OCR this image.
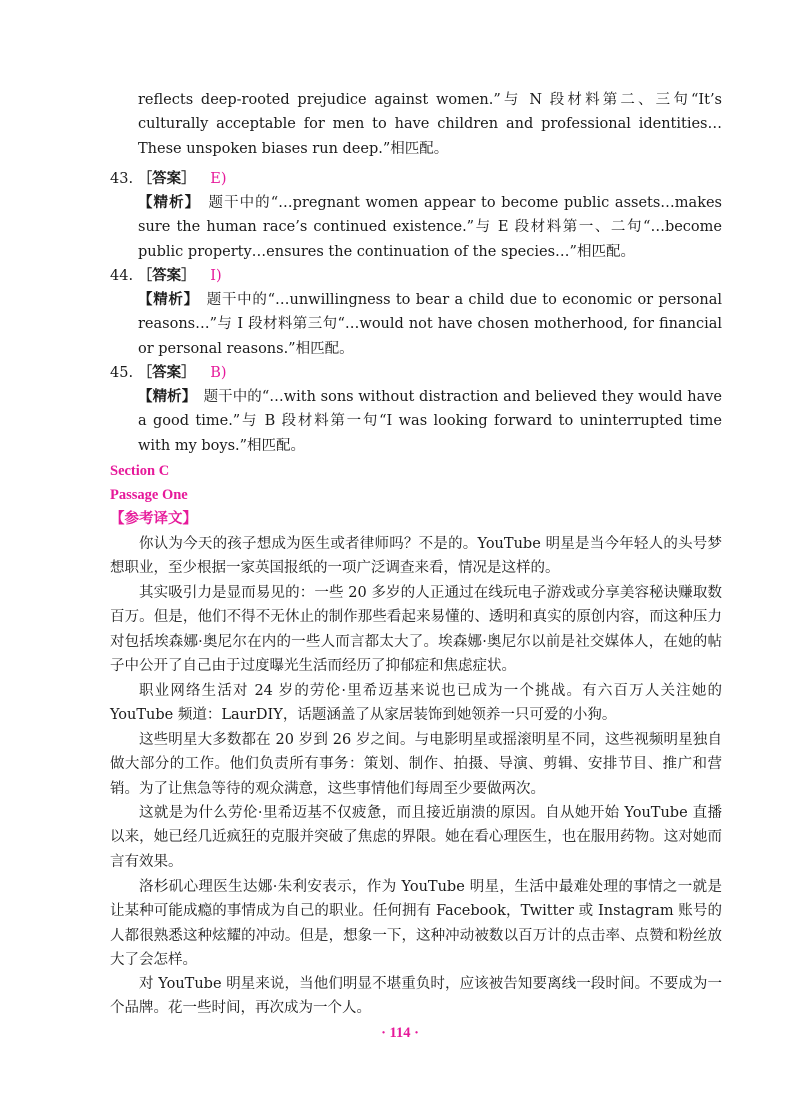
reflects deep-rooted prejudice against women.”与 N 段材料第二、三句“It’s culturally acceptable for men to have children and professional identities…These unspoken biases run deep.”相匹配。

43. ［答案］ E)

【精析】  题干中的“…pregnant women appear to become public assets…makes sure the human race’s continued existence.”与 E 段材料第一、二句“…become public property…ensures the continuation of the species…”相匹配。

44. ［答案］ I)

【精析】  题干中的“…unwillingness to bear a child due to economic or personal reasons…”与 I 段材料第三句“…would not have chosen motherhood, for financial or personal reasons.”相匹配。

45. ［答案］ B)

【精析】  题干中的“…with sons without distraction and believed they would have a good time.”与 B 段材料第一句“I was looking forward to uninterrupted time with my boys.”相匹配。

Section C
Passage One
【参考译文】

你认为今天的孩子想成为医生或者律师吗？不是的。YouTube 明星是当今年轻人的头号梦想职业，至少根据一家英国报纸的一项广泛调查来看，情况是这样的。

其实吸引力是显而易见的：一些 20 多岁的人正通过在线玩电子游戏或分享美容秘诀赚取数百万。但是，他们不得不无休止的制作那些看起来易懂的、透明和真实的原创内容，而这种压力对包括埃森娜·奥尼尔在内的一些人而言都太大了。埃森娜·奥尼尔以前是社交媒体人，在她的帖子中公开了自己由于过度曝光生活而经历了抑郁症和焦虑症状。

职业网络生活对 24 岁的劳伦·里希迈基来说也已成为一个挑战。有六百万人关注她的 YouTube 频道：LaurDIY，话题涵盖了从家居装饰到她领养一只可爱的小狗。

这些明星大多数都在 20 岁到 26 岁之间。与电影明星或摇滚明星不同，这些视频明星独自做大部分的工作。他们负责所有事务：策划、制作、拍摄、导演、剪辑、安排节目、推广和营销。为了让焦急等待的观众满意，这些事情他们每周至少要做两次。

这就是为什么劳伦·里希迈基不仅疲惫，而且接近崩溃的原因。自从她开始 YouTube 直播以来，她已经几近疯狂的克服并突破了焦虑的界限。她在看心理医生，也在服用药物。这对她而言有效果。

洛杉矶心理医生达娜·朱利安表示，作为 YouTube 明星，生活中最难处理的事情之一就是让某种可能成瘾的事情成为自己的职业。任何拥有 Facebook，Twitter 或 Instagram 账号的人都很熟悉这种炫耀的冲动。但是，想象一下，这种冲动被数以百万计的点击率、点赞和粉丝放大了会怎样。

对 YouTube 明星来说，当他们明显不堪重负时，应该被告知要离线一段时间。不要成为一个品牌。花一些时间，再次成为一个人。

· 114 ·
